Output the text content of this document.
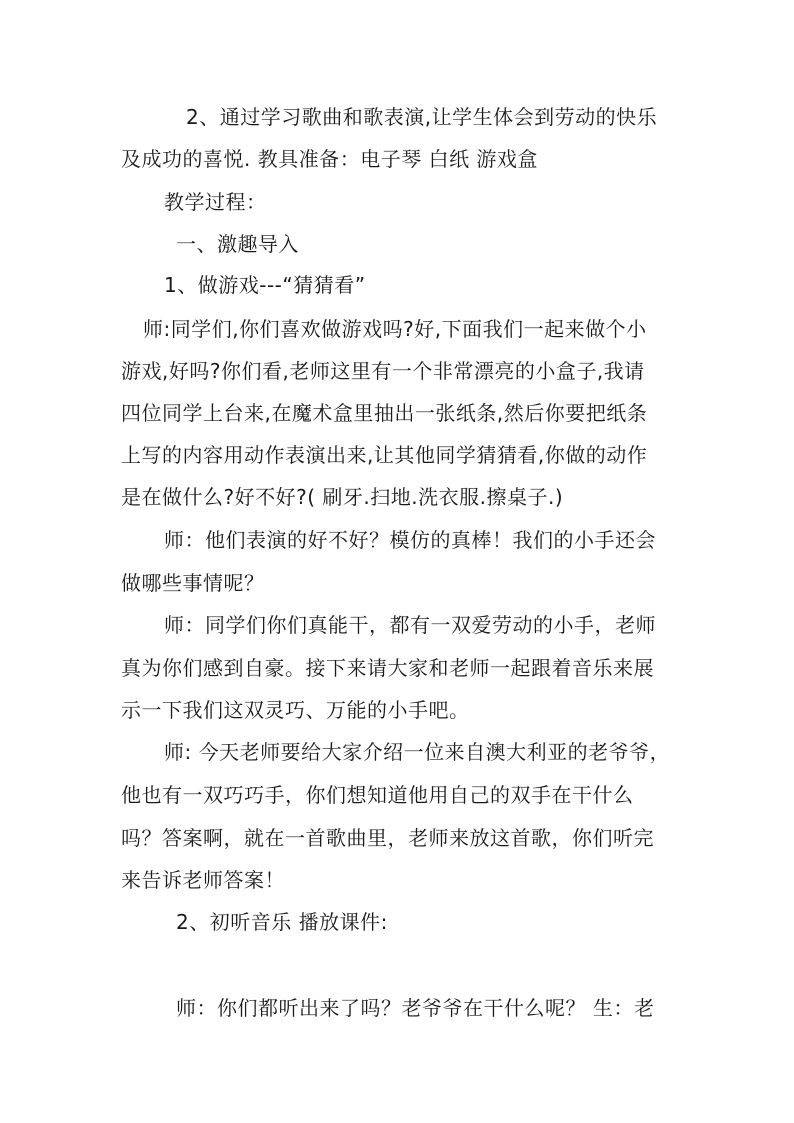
2、通过学习歌曲和歌表演,让学生体会到劳动的快乐
及成功的喜悦. 教具准备：电子琴 白纸 游戏盒
教学过程：
一、激趣导入
1、做游戏---“猜猜看”
师:同学们,你们喜欢做游戏吗?好,下面我们一起来做个小
游戏,好吗?你们看,老师这里有一个非常漂亮的小盒子,我请
四位同学上台来,在魔术盒里抽出一张纸条,然后你要把纸条
上写的内容用动作表演出来,让其他同学猜猜看,你做的动作
是在做什么?好不好?( 刷牙.扫地.洗衣服.擦桌子.)
师：他们表演的好不好？模仿的真棒！我们的小手还会
做哪些事情呢？
师：同学们你们真能干，都有一双爱劳动的小手，老师
真为你们感到自豪。接下来请大家和老师一起跟着音乐来展
示一下我们这双灵巧、万能的小手吧。
师: 今天老师要给大家介绍一位来自澳大利亚的老爷爷，
他也有一双巧巧手，你们想知道他用自己的双手在干什么
吗？答案啊，就在一首歌曲里，老师来放这首歌，你们听完
来告诉老师答案！
2、初听音乐 播放课件:
师：你们都听出来了吗？老爷爷在干什么呢？ 生：老
